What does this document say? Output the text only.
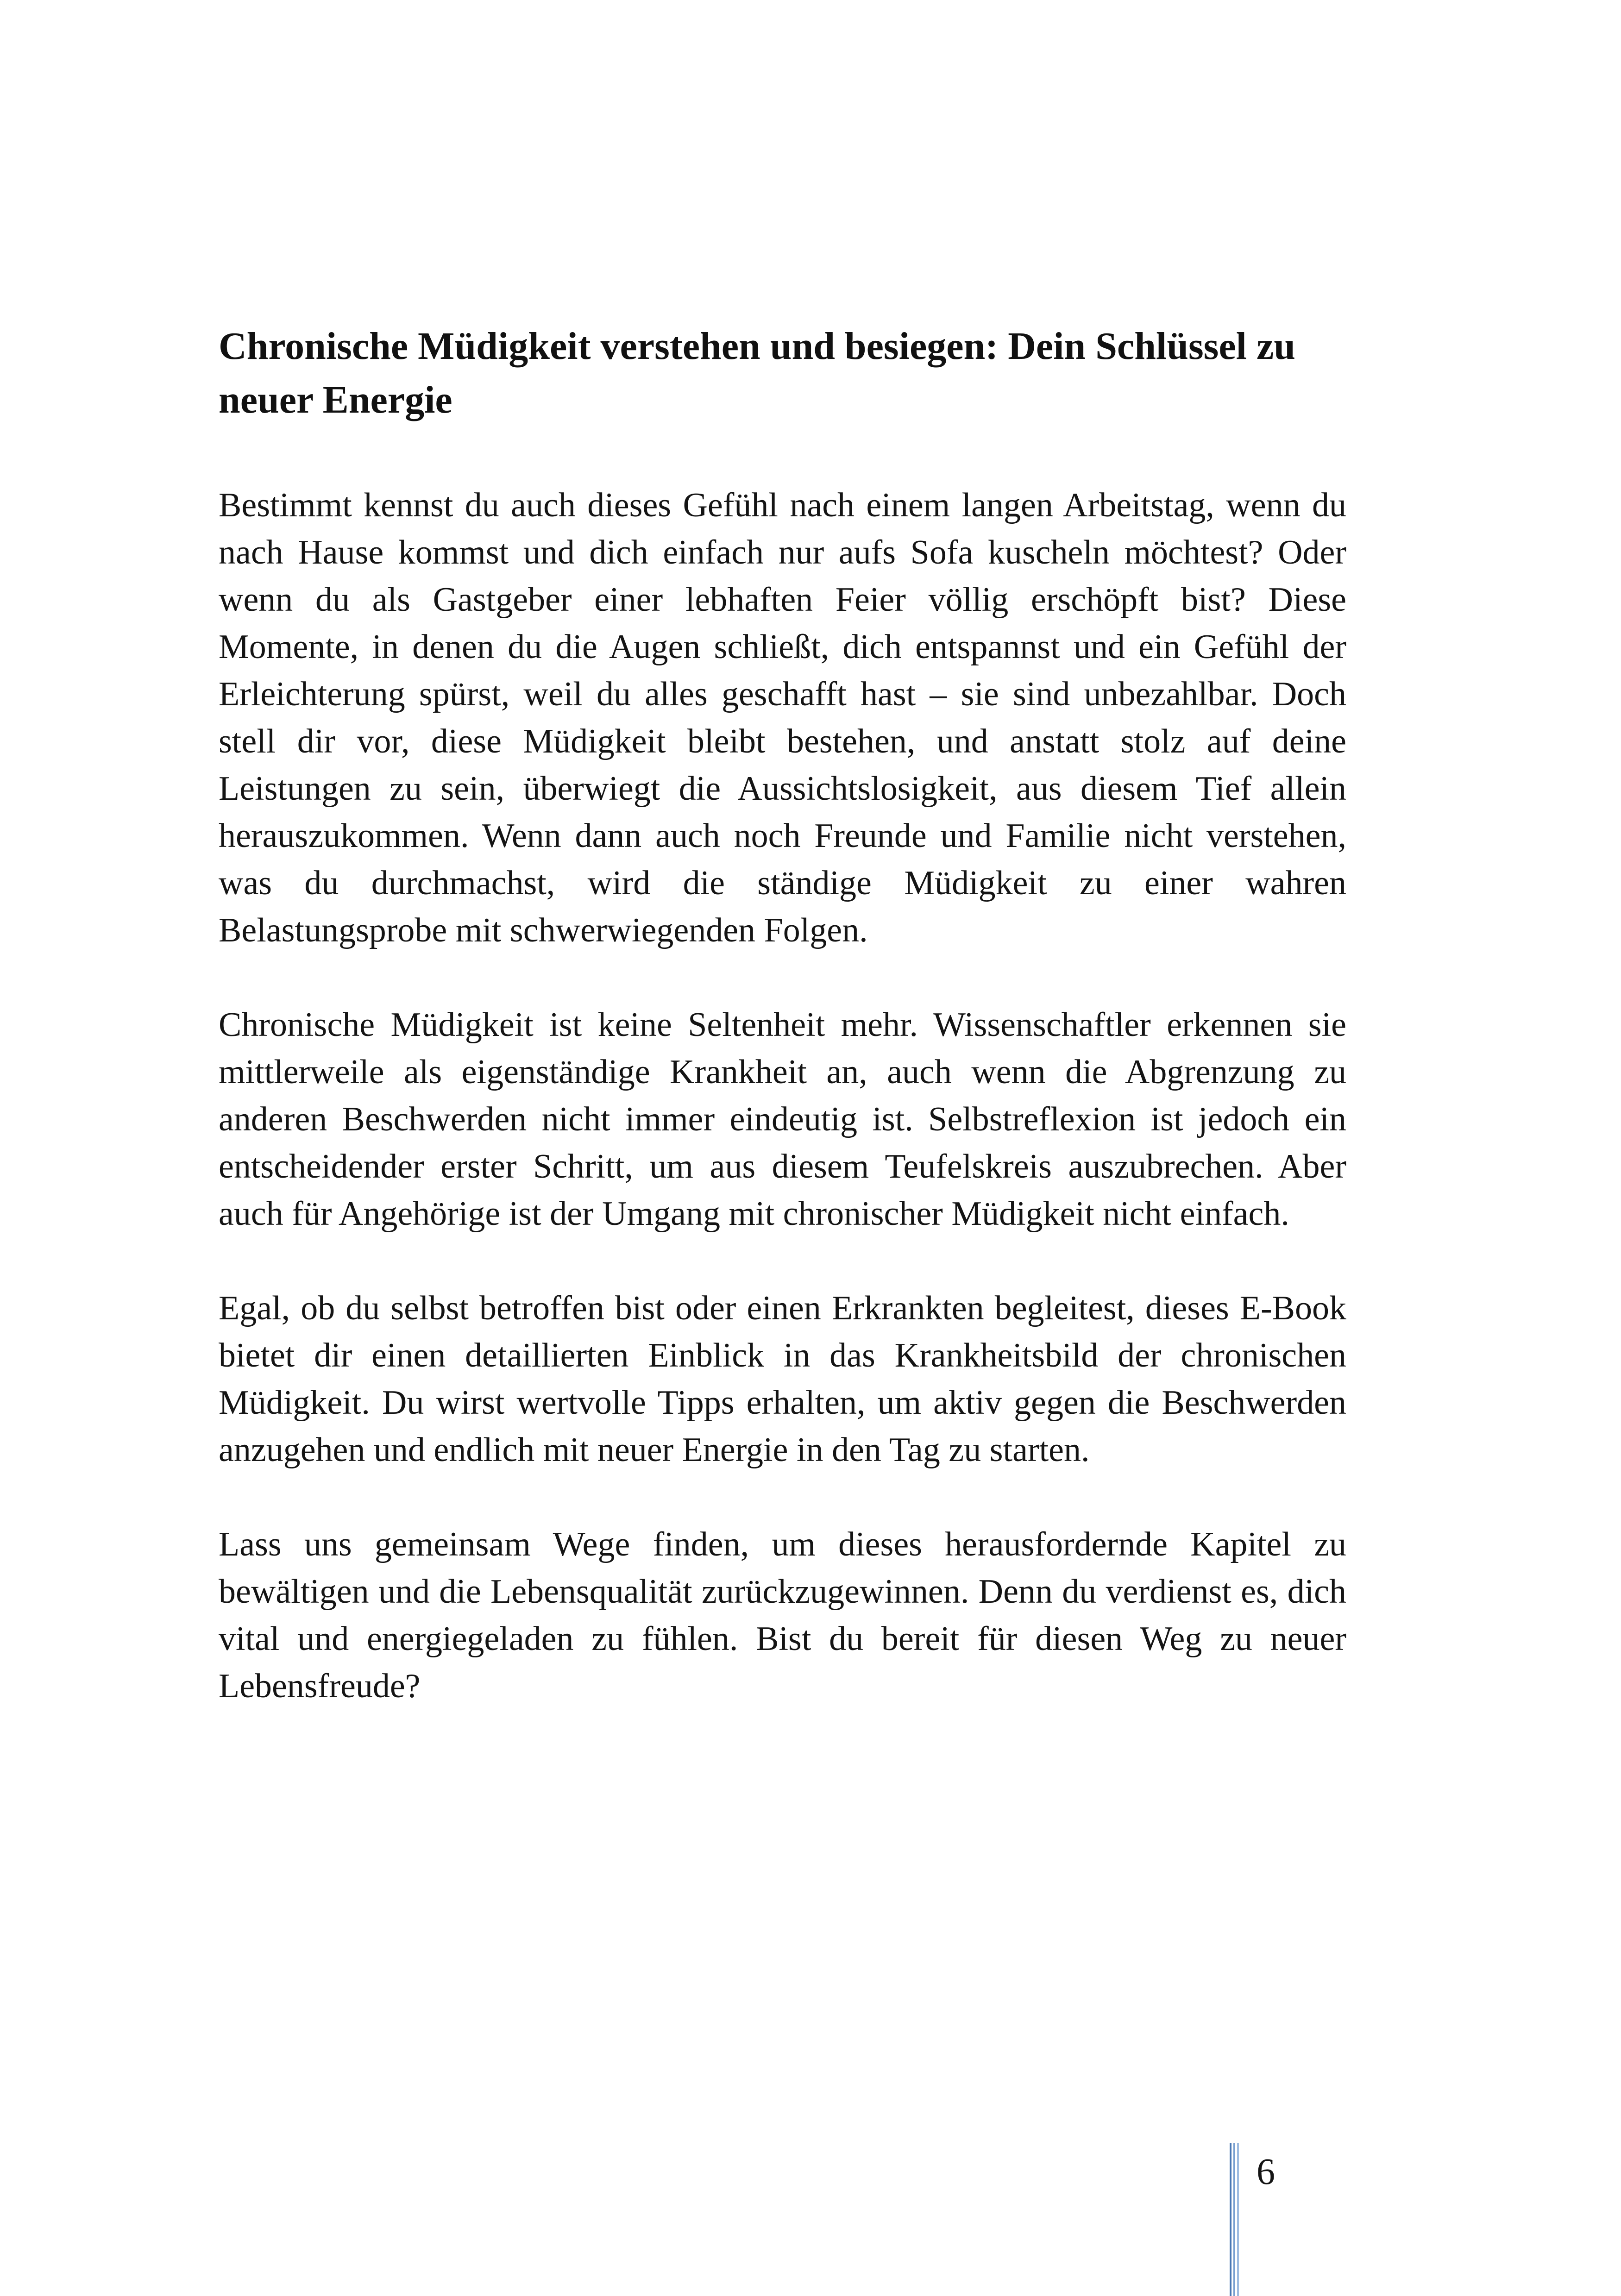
Chronische Müdigkeit verstehen und besiegen: Dein Schlüssel zu neuer Energie

Bestimmt kennst du auch dieses Gefühl nach einem langen Arbeitstag, wenn du nach Hause kommst und dich einfach nur aufs Sofa kuscheln möchtest? Oder wenn du als Gastgeber einer lebhaften Feier völlig erschöpft bist? Diese Momente, in denen du die Augen schließt, dich entspannst und ein Gefühl der Erleichterung spürst, weil du alles geschafft hast – sie sind unbezahlbar. Doch stell dir vor, diese Müdigkeit bleibt bestehen, und anstatt stolz auf deine Leistungen zu sein, überwiegt die Aussichtslosigkeit, aus diesem Tief allein herauszukommen. Wenn dann auch noch Freunde und Familie nicht verstehen, was du durchmachst, wird die ständige Müdigkeit zu einer wahren Belastungsprobe mit schwerwiegenden Folgen.

Chronische Müdigkeit ist keine Seltenheit mehr. Wissenschaftler erkennen sie mittlerweile als eigenständige Krankheit an, auch wenn die Abgrenzung zu anderen Beschwerden nicht immer eindeutig ist. Selbstreflexion ist jedoch ein entscheidender erster Schritt, um aus diesem Teufelskreis auszubrechen. Aber auch für Angehörige ist der Umgang mit chronischer Müdigkeit nicht einfach.

Egal, ob du selbst betroffen bist oder einen Erkrankten begleitest, dieses E-Book bietet dir einen detaillierten Einblick in das Krankheitsbild der chronischen Müdigkeit. Du wirst wertvolle Tipps erhalten, um aktiv gegen die Beschwerden anzugehen und endlich mit neuer Energie in den Tag zu starten.

Lass uns gemeinsam Wege finden, um dieses herausfordernde Kapitel zu bewältigen und die Lebensqualität zurückzugewinnen. Denn du verdienst es, dich vital und energiegeladen zu fühlen. Bist du bereit für diesen Weg zu neuer Lebensfreude?

6
